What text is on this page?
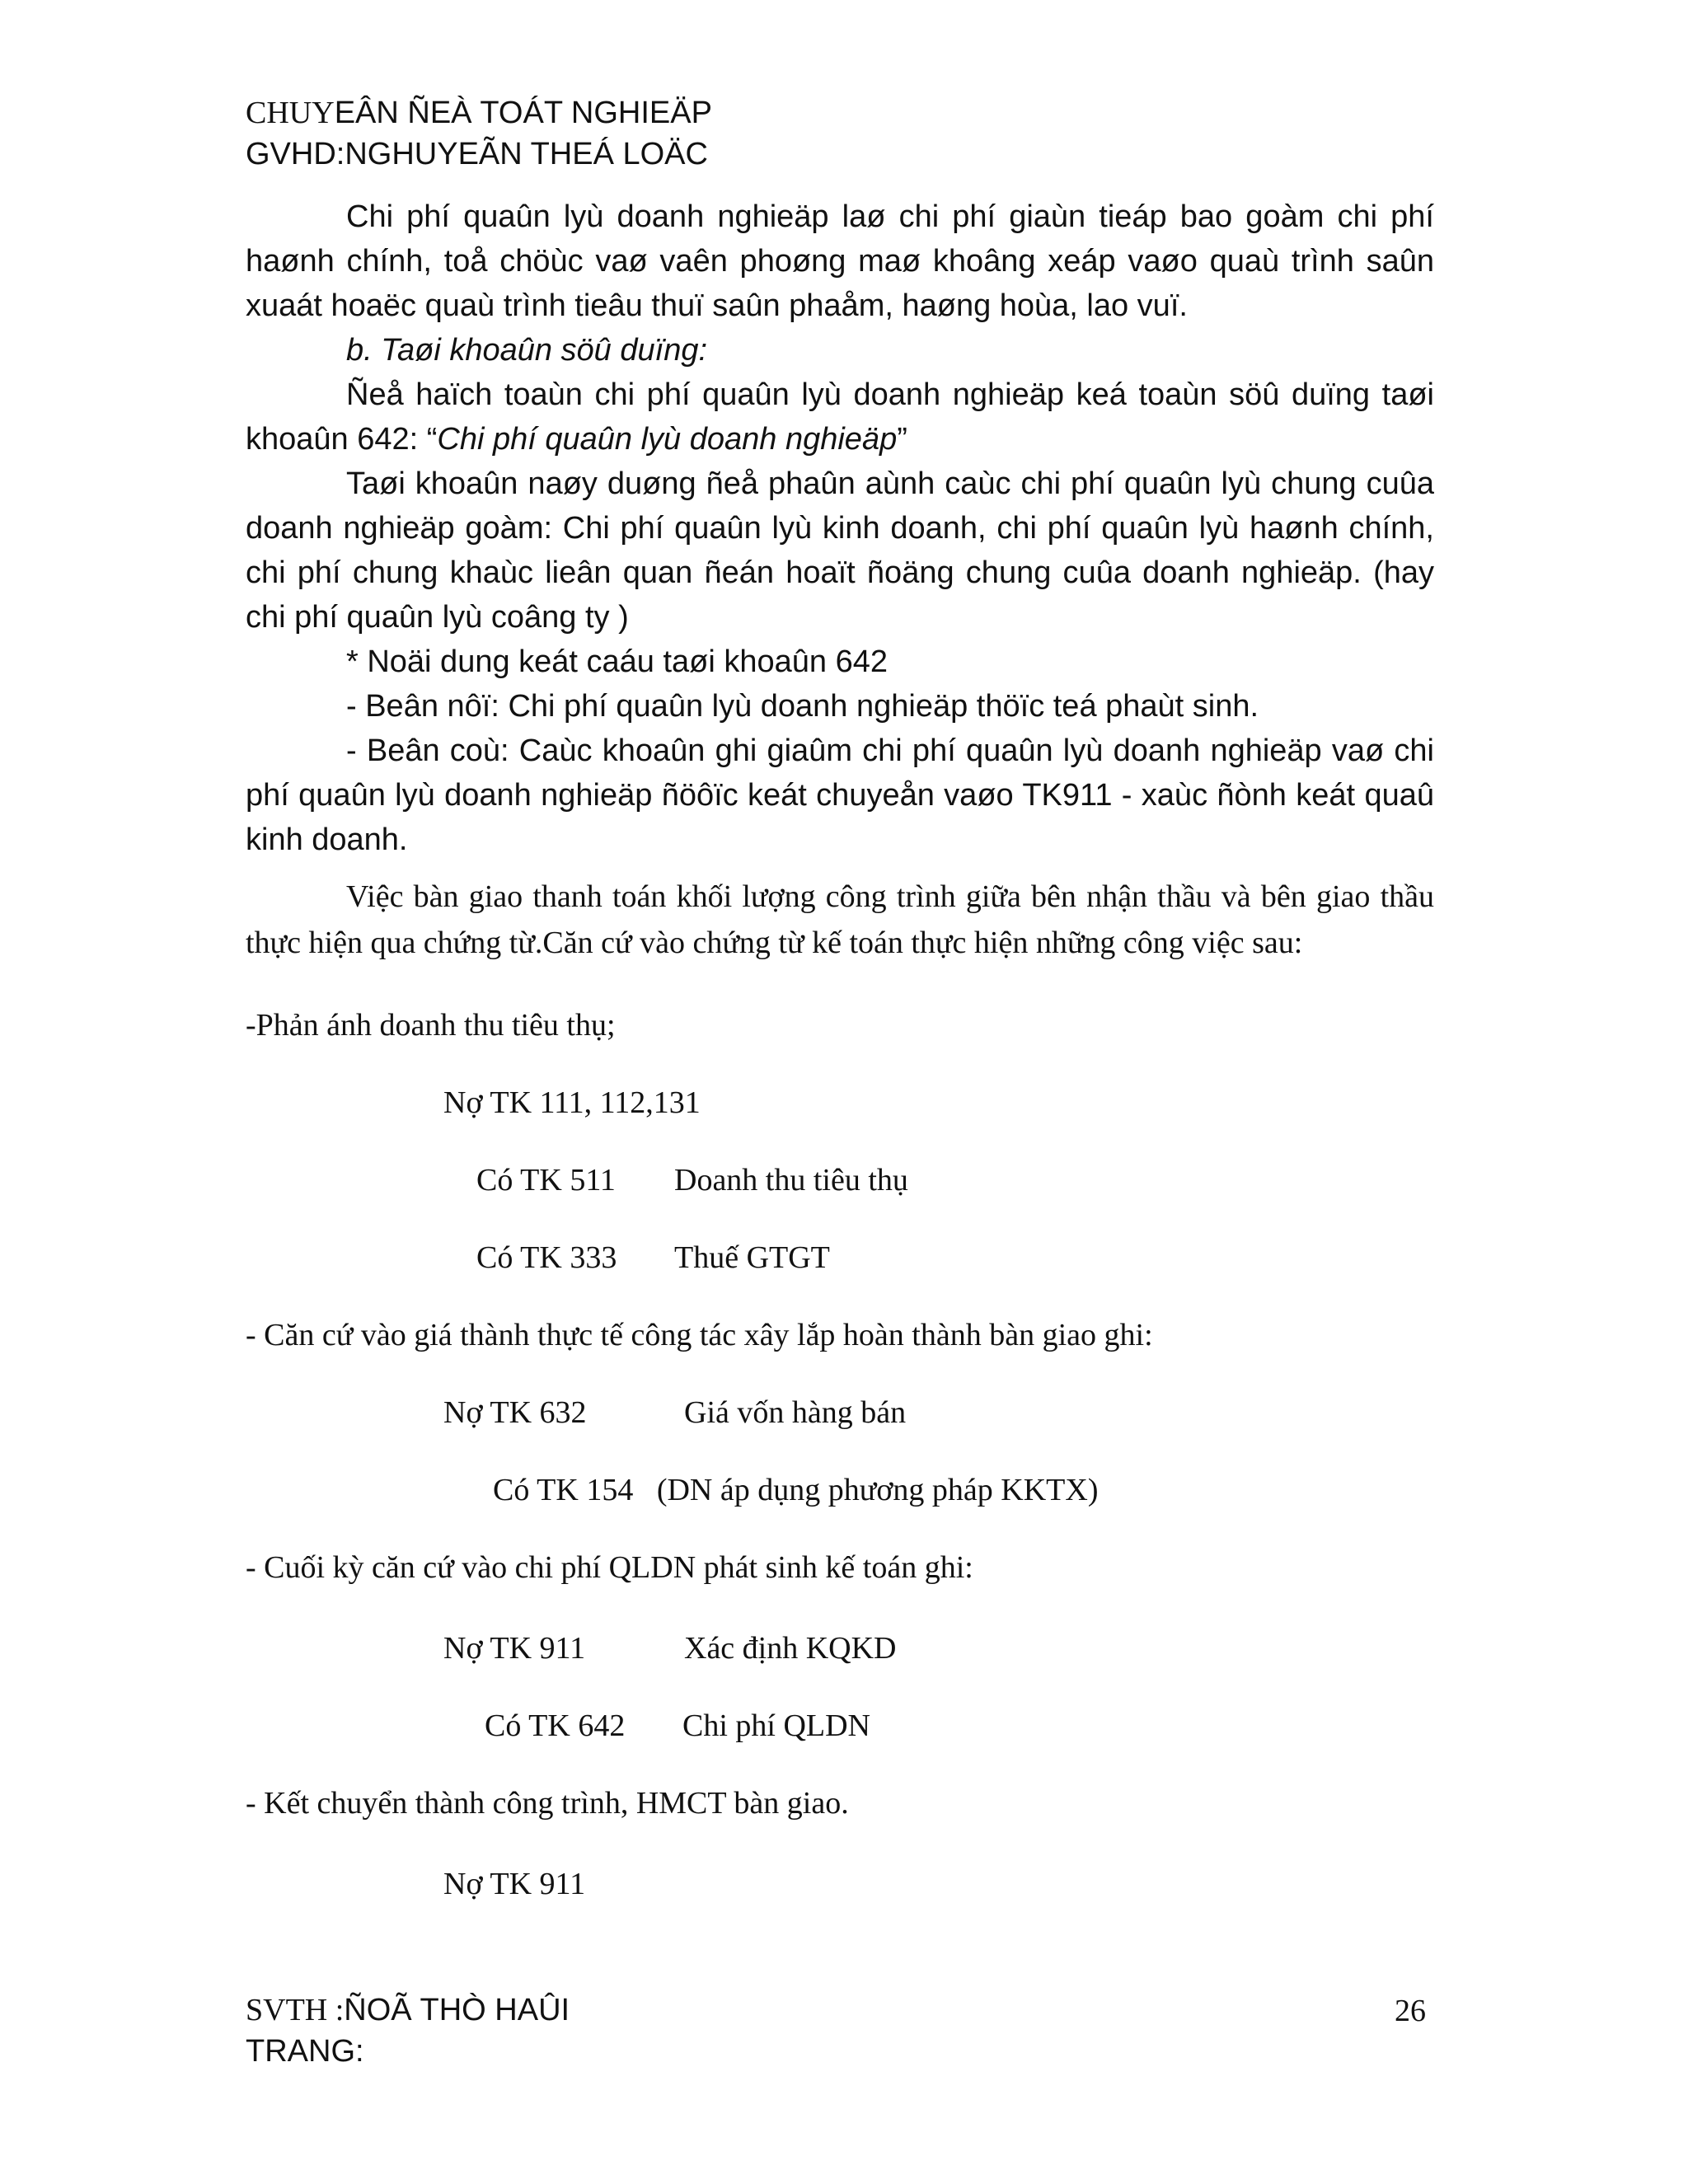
CHUYEÂN ÑEÀ TOÁT NGHIEÄP
GVHD:NGHUYEÃN THEÁ LOÄC

Chi phí quaûn lyù doanh nghieäp laø chi phí giaùn tieáp bao goàm chi phí haønh chính, toå chöùc vaø vaên phoøng maø khoâng xeáp vaøo quaù trình saûn xuaát hoaëc quaù trình tieâu thuï saûn phaåm, haøng hoùa, lao vuï.

b. Taøi khoaûn söû duïng:

Ñeå haïch toaùn chi phí quaûn lyù doanh nghieäp keá toaùn söû duïng taøi khoaûn 642: “Chi phí quaûn lyù doanh nghieäp”

Taøi khoaûn naøy duøng ñeå phaûn aùnh caùc chi phí quaûn lyù chung cuûa doanh nghieäp goàm: Chi phí quaûn lyù kinh doanh, chi phí quaûn lyù haønh chính, chi phí chung khaùc lieân quan ñeán hoaït ñoäng chung cuûa doanh nghieäp. (hay chi phí quaûn lyù coâng ty )

* Noäi dung keát caáu taøi khoaûn 642

- Beân nôï: Chi phí quaûn lyù doanh nghieäp thöïc teá phaùt sinh.

- Beân coù: Caùc khoaûn ghi giaûm chi phí quaûn lyù doanh nghieäp vaø chi phí quaûn lyù doanh nghieäp ñöôïc keát chuyeån vaøo TK911 - xaùc ñònh keát quaû kinh doanh.

Việc bàn giao thanh toán khối lượng công trình giữa bên nhận thầu và bên giao thầu thực hiện qua chứng từ.Căn cứ vào chứng từ kế toán thực hiện những công việc sau:
-Phản ánh doanh thu tiêu thụ;
Nợ TK 111, 112,131
Có TK 511 Doanh thu tiêu thụ
Có TK 333 Thuế GTGT
- Căn cứ vào giá thành thực tế công tác xây lắp hoàn thành bàn giao ghi:
Nợ TK 632	Giá vốn hàng bán
Có TK 154   (DN áp dụng phương pháp KKTX)
- Cuối kỳ căn cứ vào chi phí QLDN phát sinh kế toán ghi:
Nợ TK 911	Xác định KQKD
Có TK 642 Chi phí QLDN
- Kết chuyển thành công trình, HMCT bàn giao.
Nợ TK 911
SVTH :ÑOÃ THÒ HAÛI
TRANG:
26
